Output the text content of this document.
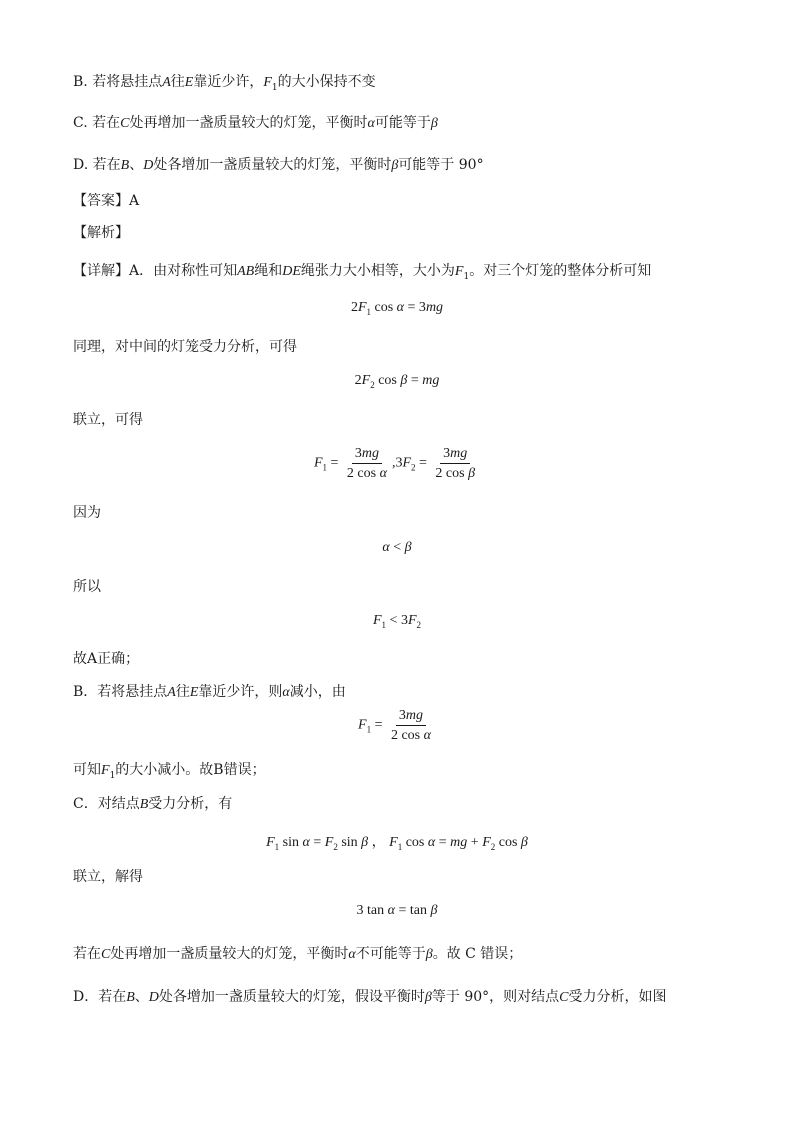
B. 若将悬挂点A往E靠近少许，$F_1$的大小保持不变
C. 若在C处再增加一盏质量较大的灯笼，平衡时α可能等于β
D. 若在B、D处各增加一盏质量较大的灯笼，平衡时β可能等于 90°
【答案】A
【解析】
【详解】A．由对称性可知AB绳和DE绳张力大小相等，大小为$F_1$。对三个灯笼的整体分析可知
$2F_1$ cos α = 3mg
同理，对中间的灯笼受力分析，可得
$2F_2$ cos β = mg
联立，可得
$F_1 = \frac{3mg}{\text{2 cos α}} ,3F_2 = \frac{3mg}{\text{2 cos β}}$
因为
α < β
所以
$F_1 < 3F_2$
故A正确；
B．若将悬挂点A往E靠近少许，则α减小，由
$F_1 = \frac{3mg}{\text{2 cos α}}$
可知$F_1$的大小减小。故B错误；
C．对结点B受力分析，有
$F_1$ $\sin \alpha = F_2$ sin β ， $F_1$ cos α = mg + $F_2$ cos β
联立，解得
3 tan α = tan β
若在C处再增加一盏质量较大的灯笼，平衡时α不可能等于β。故 C 错误；
D．若在B、D处各增加一盏质量较大的灯笼，假设平衡时β等于 90°，则对结点C受力分析，如图
